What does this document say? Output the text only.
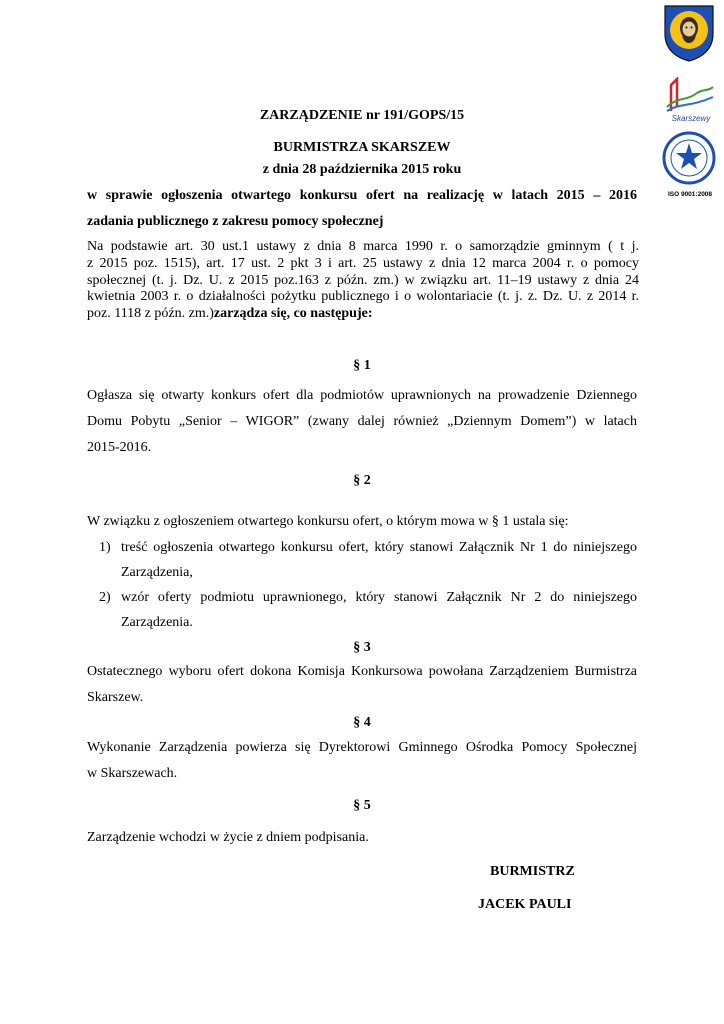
Skarszewy
ISO 9001:2008
ZARZĄDZENIE nr 191/GOPS/15
BURMISTRZA SKARSZEW
z dnia 28 października 2015 roku
w sprawie ogłoszenia otwartego konkursu ofert na realizację w latach 2015 – 2016
zadania publicznego z zakresu pomocy społecznej
Na podstawie art. 30 ust.1 ustawy z dnia 8 marca 1990 r. o samorządzie gminnym ( t j.
z 2015 poz. 1515), art. 17 ust. 2 pkt 3 i art. 25 ustawy z dnia 12 marca 2004 r. o pomocy
społecznej (t. j. Dz. U. z 2015 poz.163 z późn. zm.) w związku art. 11–19 ustawy z dnia 24
kwietnia 2003 r. o działalności pożytku publicznego i o wolontariacie (t. j. z. Dz. U. z 2014 r.
poz. 1118 z późn. zm.)zarządza się, co następuje:
§ 1
Ogłasza się otwarty konkurs ofert dla podmiotów uprawnionych na prowadzenie Dziennego
Domu Pobytu „Senior – WIGOR” (zwany dalej również „Dziennym Domem”) w latach
2015-2016.
§ 2
W związku z ogłoszeniem otwartego konkursu ofert, o którym mowa w § 1 ustala się:
1) treść ogłoszenia otwartego konkursu ofert, który stanowi Załącznik Nr 1 do niniejszego
Zarządzenia,
2) wzór oferty podmiotu uprawnionego, który stanowi Załącznik Nr 2 do niniejszego
Zarządzenia.
§ 3
Ostatecznego wyboru ofert dokona Komisja Konkursowa powołana Zarządzeniem Burmistrza
Skarszew.
§ 4
Wykonanie Zarządzenia powierza się Dyrektorowi Gminnego Ośrodka Pomocy Społecznej
w Skarszewach.
§ 5
Zarządzenie wchodzi w życie z dniem podpisania.
BURMISTRZ
JACEK PAULI
